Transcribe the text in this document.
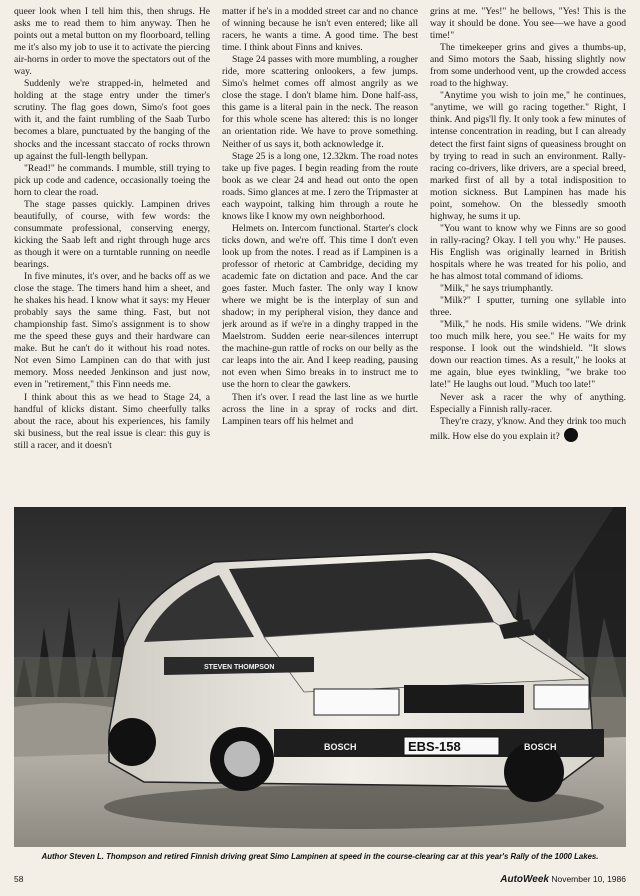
queer look when I tell him this, then shrugs. He asks me to read them to him anyway. Then he points out a metal button on my floorboard, telling me it's also my job to use it to activate the piercing air-horns in order to move the spectators out of the way.

Suddenly we're strapped-in, helmeted and holding at the stage entry under the timer's scrutiny. The flag goes down, Simo's foot goes with it, and the faint rumbling of the Saab Turbo becomes a blare, punctuated by the banging of the shocks and the incessant staccato of rocks thrown up against the full-length bellypan.

"Read!" he commands. I mumble, still trying to pick up code and cadence, occasionally toeing the horn to clear the road.

The stage passes quickly. Lampinen drives beautifully, of course, with few words: the consummate professional, conserving energy, kicking the Saab left and right through huge arcs as though it were on a turntable running on needle bearings.

In five minutes, it's over, and he backs off as we close the stage. The timers hand him a sheet, and he shakes his head. I know what it says: my Heuer probably says the same thing. Fast, but not championship fast. Simo's assignment is to show me the speed these guys and their hardware can make. But he can't do it without his road notes. Not even Simo Lampinen can do that with just memory. Moss needed Jenkinson and just now, even in "retirement," this Finn needs me.

I think about this as we head to Stage 24, a handful of klicks distant. Simo cheerfully talks about the race, about his experiences, his family ski business, but the real issue is clear: this guy is still a racer, and it doesn't

matter if he's in a modded street car and no chance of winning because he isn't even entered; like all racers, he wants a time. A good time. The best time. I think about Finns and knives.

Stage 24 passes with more mumbling, a rougher ride, more scattering onlookers, a few jumps. Simo's helmet comes off almost angrily as we close the stage. I don't blame him. Done half-ass, this game is a literal pain in the neck. The reason for this whole scene has altered: this is no longer an orientation ride. We have to prove something. Neither of us says it, both acknowledge it.

Stage 25 is a long one, 12.32km. The road notes take up five pages. I begin reading from the route book as we clear 24 and head out onto the open roads. Simo glances at me. I zero the Tripmaster at each waypoint, talking him through a route he knows like I know my own neighborhood.

Helmets on. Intercom functional. Starter's clock ticks down, and we're off. This time I don't even look up from the notes. I read as if Lampinen is a professor of rhetoric at Cambridge, deciding my academic fate on dictation and pace. And the car goes faster. Much faster. The only way I know where we might be is the interplay of sun and shadow; in my peripheral vision, they dance and jerk around as if we're in a dinghy trapped in the Maelstrom. Sudden eerie near-silences interrupt the machine-gun rattle of rocks on our belly as the car leaps into the air. And I keep reading, pausing not even when Simo breaks in to instruct me to use the horn to clear the gawkers.

Then it's over. I read the last line as we hurtle across the line in a spray of rocks and dirt. Lampinen tears off his helmet and

grins at me. "Yes!" he bellows, "Yes! This is the way it should be done. You see—we have a good time!"

The timekeeper grins and gives a thumbs-up, and Simo motors the Saab, hissing slightly now from some underhood vent, up the crowded access road to the highway.

"Anytime you wish to join me," he continues, "anytime, we will go racing together." Right, I think. And pigs'll fly. It only took a few minutes of intense concentration in reading, but I can already detect the first faint signs of queasiness brought on by trying to read in such an environment. Rally-racing co-drivers, like drivers, are a special breed, marked first of all by a total indisposition to motion sickness. But Lampinen has made his point, somehow. On the blessedly smooth highway, he sums it up.

"You want to know why we Finns are so good in rally-racing? Okay. I tell you why." He pauses. His English was originally learned in British hospitals where he was treated for his polio, and he has almost total command of idioms.

"Milk," he says triumphantly.

"Milk?" I sputter, turning one syllable into three.

"Milk," he nods. His smile widens. "We drink too much milk here, you see." He waits for my response. I look out the windshield. "It slows down our reaction times. As a result," he looks at me again, blue eyes twinkling, "we brake too late!" He laughs out loud. "Much too late!"

Never ask a racer the why of anything. Especially a Finnish rally-racer.

They're crazy, y'know. And they drink too much milk. How else do you explain it?

BOSCH	BOSCH
EBS-158
STEVEN THOMPSON
Author Steven L. Thompson and retired Finnish driving great Simo Lampinen at speed in the course-clearing car at this year's Rally of the 1000 Lakes.
58	AutoWeek November 10, 1986
